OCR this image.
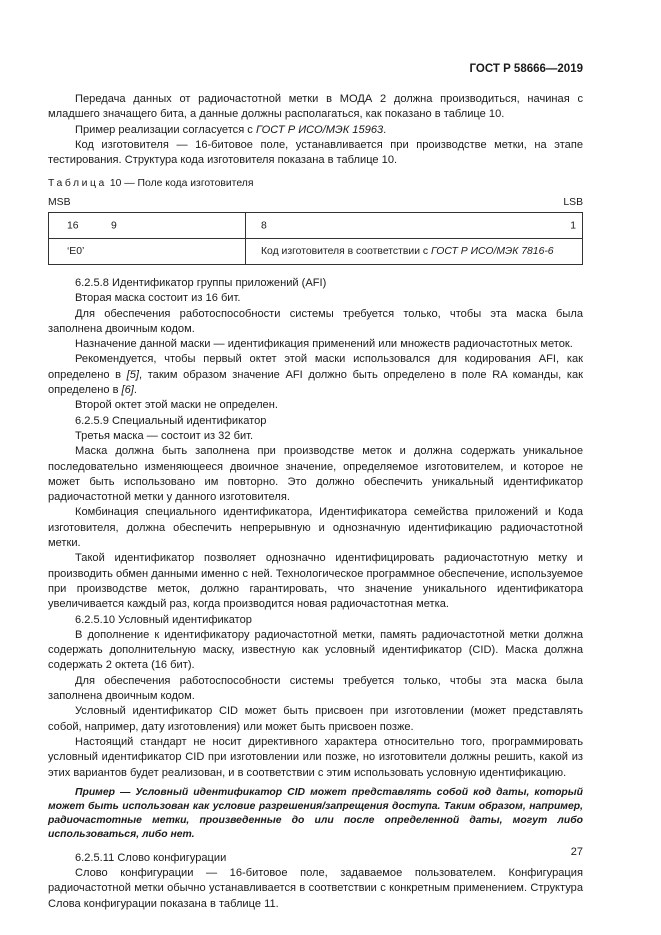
ГОСТ Р 58666—2019

Передача данных от радиочастотной метки в МОДА 2 должна производиться, начиная с младшего значащего бита, а данные должны располагаться, как показано в таблице 10.

Пример реализации согласуется с ГОСТ Р ИСО/МЭК 15963.

Код изготовителя — 16-битовое поле, устанавливается при производстве метки, на этапе тестирования. Структура кода изготовителя показана в таблице 10.

Таблица 10 — Поле кода изготовителя
MSB	LSB
16 9	8 1

‘E0’	Код изготовителя в соответствии с ГОСТ Р ИСО/МЭК 7816-6

6.2.5.8 Идентификатор группы приложений (AFI)

Вторая маска состоит из 16 бит.

Для обеспечения работоспособности системы требуется только, чтобы эта маска была заполнена двоичным кодом.

Назначение данной маски — идентификация применений или множеств радиочастотных меток.

Рекомендуется, чтобы первый октет этой маски использовался для кодирования AFI, как определено в [5], таким образом значение AFI должно быть определено в поле RA команды, как определено в [6].

Второй октет этой маски не определен.

6.2.5.9 Специальный идентификатор

Третья маска — состоит из 32 бит.

Маска должна быть заполнена при производстве меток и должна содержать уникальное последовательно изменяющееся двоичное значение, определяемое изготовителем, и которое не может быть использовано им повторно. Это должно обеспечить уникальный идентификатор радиочастотной метки у данного изготовителя.

Комбинация специального идентификатора, Идентификатора семейства приложений и Кода изготовителя, должна обеспечить непрерывную и однозначную идентификацию радиочастотной метки.

Такой идентификатор позволяет однозначно идентифицировать радиочастотную метку и производить обмен данными именно с ней. Технологическое программное обеспечение, используемое при производстве меток, должно гарантировать, что значение уникального идентификатора увеличивается каждый раз, когда производится новая радиочастотная метка.

6.2.5.10 Условный идентификатор

В дополнение к идентификатору радиочастотной метки, память радиочастотной метки должна содержать дополнительную маску, известную как условный идентификатор (CID). Маска должна содержать 2 октета (16 бит).

Для обеспечения работоспособности системы требуется только, чтобы эта маска была заполнена двоичным кодом.

Условный идентификатор CID может быть присвоен при изготовлении (может представлять собой, например, дату изготовления) или может быть присвоен позже.

Настоящий стандарт не носит директивного характера относительно того, программировать условный идентификатор CID при изготовлении или позже, но изготовители должны решить, какой из этих вариантов будет реализован, и в соответствии с этим использовать условную идентификацию.

Пример — Условный идентификатор CID может представлять собой код даты, который может быть использован как условие разрешения/запрещения доступа. Таким образом, например, радиочастотные метки, произведенные до или после определенной даты, могут либо использоваться, либо нет.

6.2.5.11 Слово конфигурации

Слово конфигурации — 16-битовое поле, задаваемое пользователем. Конфигурация радиочастотной метки обычно устанавливается в соответствии с конкретным применением. Структура Слова конфигурации показана в таблице 11.

27
